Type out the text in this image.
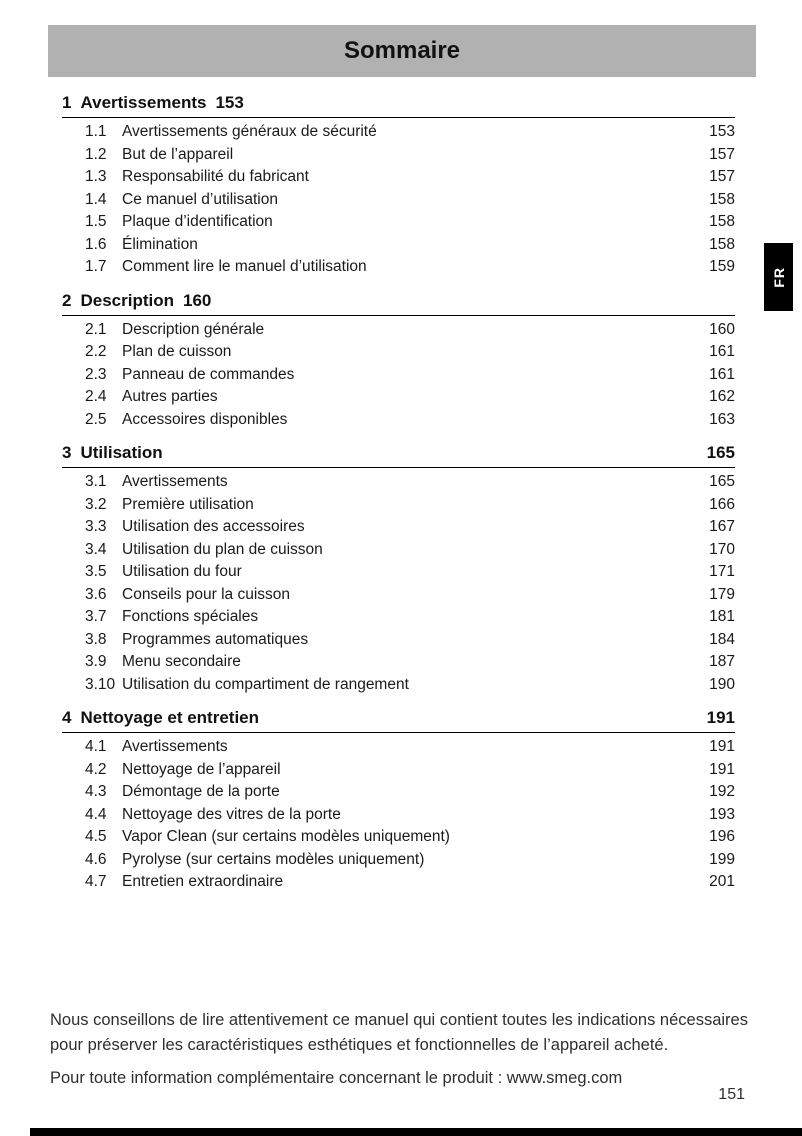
Sommaire
FR
1 Avertissements 153
1.1 Avertissements généraux de sécurité	153
1.2 But de l’appareil	157
1.3 Responsabilité du fabricant	157
1.4 Ce manuel d’utilisation	158
1.5 Plaque d’identification	158
1.6 Élimination	158
1.7 Comment lire le manuel d’utilisation	159
2 Description 160
2.1 Description générale	160
2.2 Plan de cuisson	161
2.3 Panneau de commandes	161
2.4 Autres parties	162
2.5 Accessoires disponibles	163
3 Utilisation	165
3.1 Avertissements	165
3.2 Première utilisation	166
3.3 Utilisation des accessoires	167
3.4 Utilisation du plan de cuisson	170
3.5 Utilisation du four	171
3.6 Conseils pour la cuisson	179
3.7 Fonctions spéciales	181
3.8 Programmes automatiques	184
3.9 Menu secondaire	187
3.10 Utilisation du compartiment de rangement	190
4 Nettoyage et entretien	191
4.1 Avertissements	191
4.2 Nettoyage de l’appareil	191
4.3 Démontage de la porte	192
4.4 Nettoyage des vitres de la porte	193
4.5 Vapor Clean (sur certains modèles uniquement)	196
4.6 Pyrolyse (sur certains modèles uniquement)	199
4.7 Entretien extraordinaire	201

Nous conseillons de lire attentivement ce manuel qui contient toutes les indications nécessaires pour préserver les caractéristiques esthétiques et fonctionnelles de l’appareil acheté.

Pour toute information complémentaire concernant le produit : www.smeg.com

151
